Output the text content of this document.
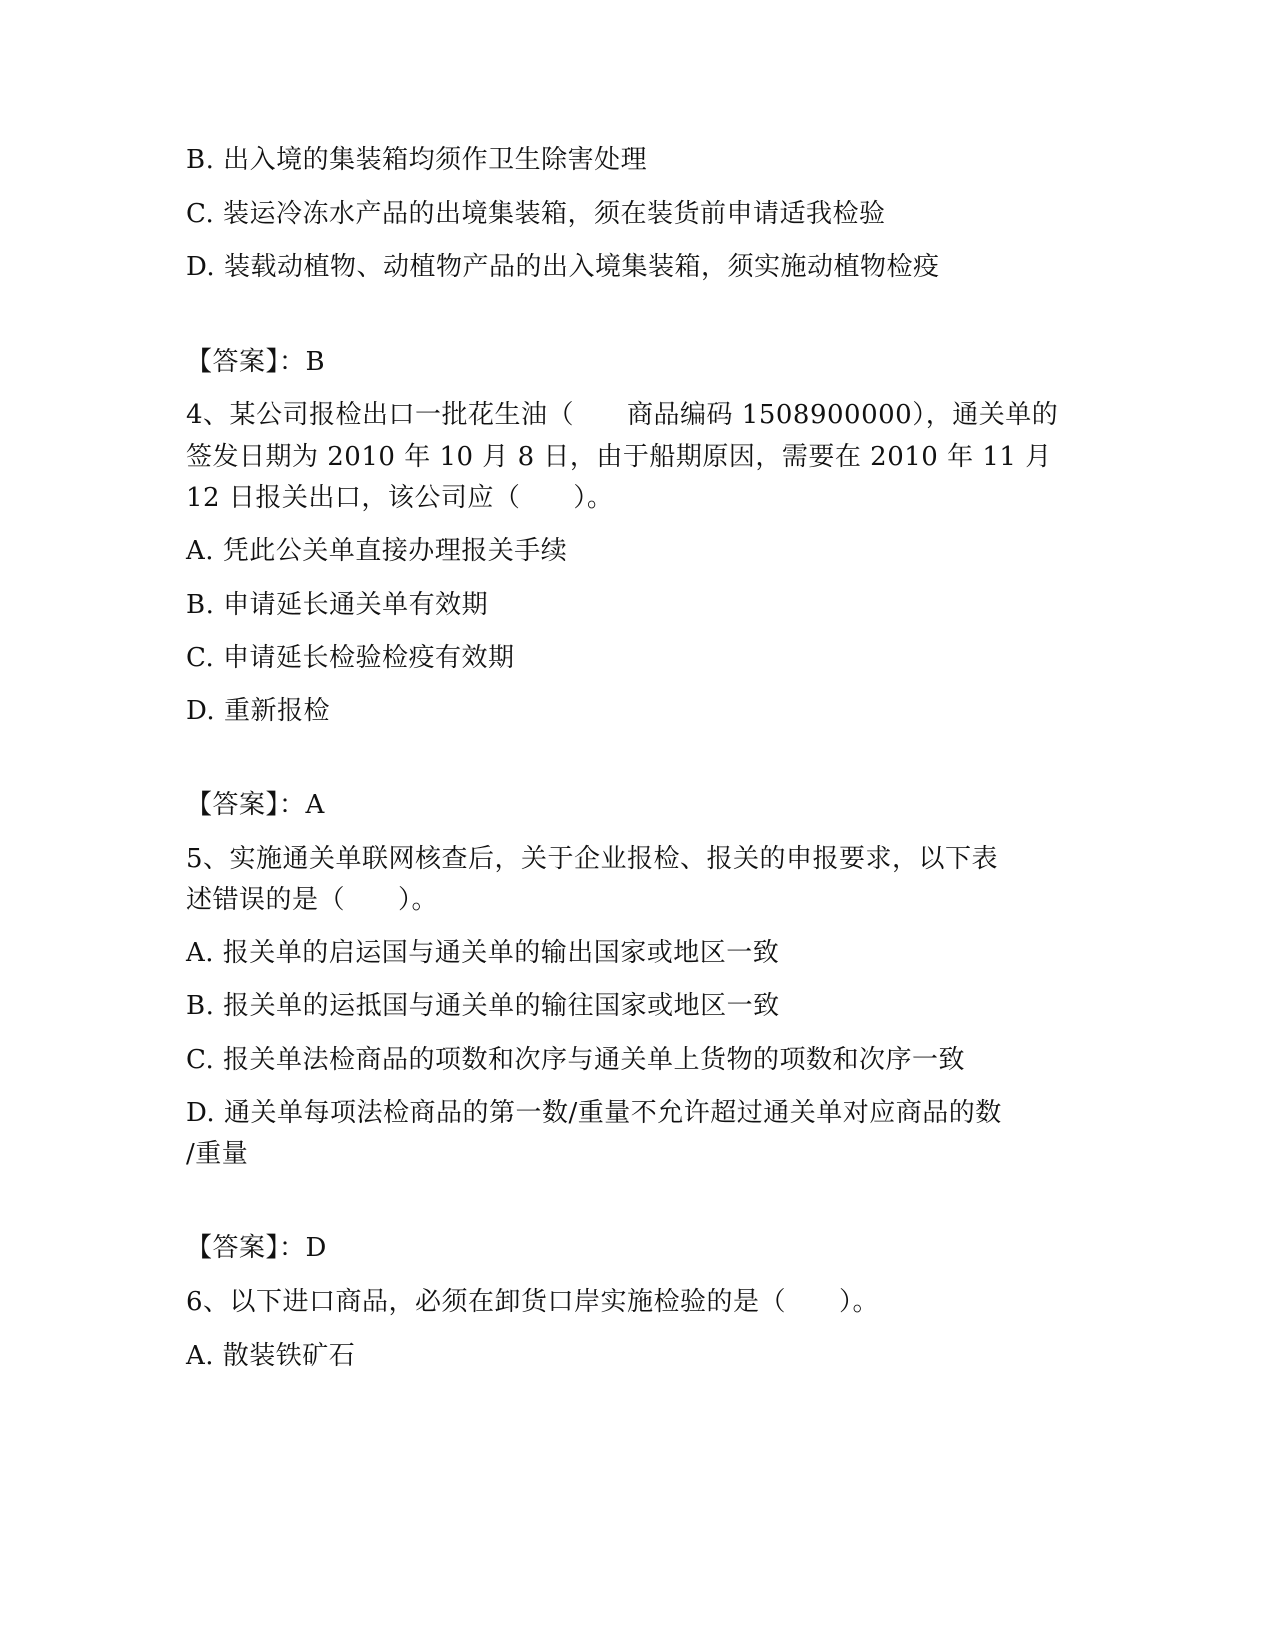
B. 出入境的集装箱均须作卫生除害处理

C. 装运冷冻水产品的出境集装箱，须在装货前申请适我检验

D. 装载动植物、动植物产品的出入境集装箱，须实施动植物检疫

【答案】：B

4、某公司报检出口一批花生油（　　商品编码 1508900000），通关单的

签发日期为 2010 年 10 月 8 日，由于船期原因，需要在 2010 年 11 月

12 日报关出口，该公司应（　　）。

A. 凭此公关单直接办理报关手续

B. 申请延长通关单有效期

C. 申请延长检验检疫有效期

D. 重新报检

【答案】：A

5、实施通关单联网核查后，关于企业报检、报关的申报要求，以下表

述错误的是（　　）。

A. 报关单的启运国与通关单的输出国家或地区一致

B. 报关单的运抵国与通关单的输往国家或地区一致

C. 报关单法检商品的项数和次序与通关单上货物的项数和次序一致

D. 通关单每项法检商品的第一数/重量不允许超过通关单对应商品的数

/重量

【答案】：D

6、以下进口商品，必须在卸货口岸实施检验的是（　　）。

A. 散装铁矿石
